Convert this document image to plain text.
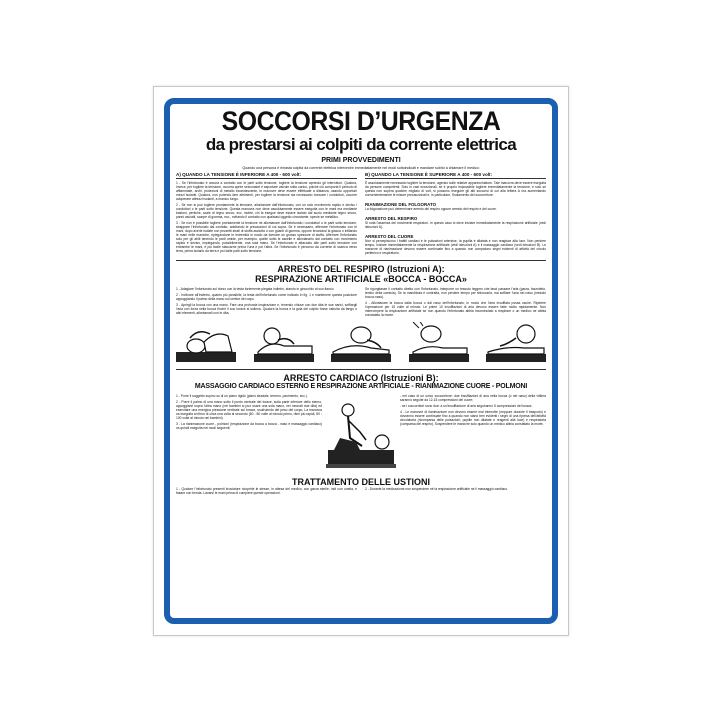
SOCCORSI D’URGENZA
da prestarsi ai colpiti da corrente elettrica
PRIMI PROVVEDIMENTI
Quando una persona è rimasta colpita da corrente elettrica intervenire immediatamente nei modi sottoindicati e mandare subito a chiamare il medico:
A) QUANDO LA TENSIONE È INFERIORE A 400 - 600 volt:
1 - Se l’infortunato è ancora a contatto con le parti sotto tensione, togliere la tensione aprendo gli interruttori. Qualora, invece, per togliere la tensione, occorra aprire sezionatori e asportare valvole sotto carico, poiché ciò comporta il pericolo di affiammate, archi, proiezioni di metallo incandescente, le manovre deve essere effettuate a distanza, usando opportuni mezzi isolanti. Qualora, non potendo fare altrimenti, per togliere la tensione sia necessario troncare i conduttori, occorre adoperare attrezzi isolanti, a manico lungo.
2 - Se non si può togliere prontamente la tensione, allontanare dall’infortunato, con un solo movimento rapido e deciso i conduttori o le parti sotto tensione. Questa manovra non deve assolutamente essere eseguita con le mani ma mediante bastoni, pertiche, scale di legno secco, ecc. inoltre, chi la esegue deve essere isolato dal suolo mediante legno secco, panni asciutti, scarpe di gomma, ecc., evitando il contatto con qualsiasi oggetto circostante, specie se metallico.
3 - Se non è possibile togliere prontamente la tensione né allontanare dall’infortunato i conduttori o le parti sotto tensione, strappare l’infortunato dal contatto, adottando le precauzioni di cui sopra. Se è necessario, afferrare l’infortunato con le mani, dopo averle isolate con pezzetti strati di stoffa asciutta o con guanti di gomma, oppure levandosi la giacca o infilando le mani nelle maniche, ripiegandone le estremità in modo da formare un grosso spessore di stoffa. Afferrare l’infortunato solo per gli abiti tenendo le parti umide, per esempio, quelle sotto le ascelle e allontanarlo dal contatto con movimento rapido e deciso, impiegando, possibilmente, una sola mano. Se l’infortunato è attaccato alle parti sotto tensione con entrambe le mani, è più facile staccarne prima l’una e poi l’altra. Se l’infortunato è percorso da corrente di scarica verso terra, prima isolarlo da terra e poi dalle parti sotto tensione.
B) QUANDO LA TENSIONE È SUPERIORE A 400 - 600 volt:
È assolutamente necessario togliere la tensione, agendo sulle relative apparecchiature. Tale manovra deve essere eseguita da persone competenti. Solo in casi eccezionali, se è proprio impossibile togliere immediatamente la tensione, e solo se questa non supera qualche migliaio di volt, si possono eseguire gli atti soccorsi di cui alla lettera A ma aumentando convenientemente le misure precauzionali e, in particolare, l’isolamento del soccorritore.
RIANIMAZIONE DEL FOLGORATO
La folgorazione può determinare arresto del respiro oppure arresto del respiro e del cuore.
ARRESTO DEL RESPIRO
Si nota l’assenza dei movimenti respiratori. In questo caso si deve iniziare immediatamente la respirazione artificiale (vedi istruzioni A).
ARRESTO DEL CUORE
Non si percepiscono i battiti cardiaci e le pulsazioni arteriose, la pupilla è dilatata e non reagisce alla luce. Non perdere tempo, iniziare immediatamente la respirazione artificiale (vedi istruzioni A) e il massaggio cardiaco (vedi istruzioni B). Le manovre di rianimazione devono essere continuate fino a quando non compaiono segni evidenti di attività del circolo periferico e respiratorio.
ARRESTO DEL RESPIRO (Istruzioni A):
RESPIRAZIONE ARTIFICIALE «BOCCA - BOCCA»
1 - Adagiare l’infortunato sul dorso con la testa fortemente piegata indietro, stando in ginocchio al suo fianco.
2 - Inclinare all’indietro, quanto più possibile, la testa dell’infortunato come indicato in fig. 1 e mantenere questa posizione appoggiando il palmo della mano sul vertice del capo.
3 - Aprirgli la bocca con una mano. Fare una profonda inspirazione e, tenendo chiuse con due dita le sue narici, soffiargli l’aria con forza nella bocca finché il suo torace si solleva. Qualora la bocca e la gola del colpito fosse ostruita da fango o altri elementi, allontanarli con le dita.
Se rigurgitasse il contatto diretto con l’infortunato, interporre un tessuto leggero che lasci passare l’aria (garza, fazzoletto, lembo della camicia). Se la mandibola è contratta, non perdere tempo per sbloccarla, ma soffiare l’aria nel naso (metodo bocca-naso).
4 - Allontanare la bocca dalla bocca o dal naso dell’infortunato, in modo che l’aria insufflata possa uscire. Ripetere l’operazione per 15 volte al minuto. Le prime 10 insufflazioni di aria devono essere fatte molto rapidamente. Non interrompere la respirazione artificiale se non quando l’infortunato abbia incominciato a respirare o un medico ne abbia constatato la morte.
ARRESTO CARDIACO (Istruzioni B):
MASSAGGIO CARDIACO ESTERNO E RESPIRAZIONE ARTIFICIALE - RIANIMAZIONE CUORE - POLMONI
1 - Porre il soggetto supino su di un piano rigido (piano stradale, terreno, pavimento, ecc.).
2 - Porre il palmo di una mano sotto il punto centrale del torace, sulla parte inferiore dello sterno, appoggiarvi sopra l’altra mano (nei bambini si può usare una sola mano, nei neonati due dita) ed esercitare una energica pressione verticale sul torace, usufruendo del peso del corpo. La manovra va eseguita al ritmo di circa una volta al secondo (60 - 80 volte al minuto primo, ritmi più rapidi, 80 - 100 volte al minuto nei bambini).
3 - La rianimazione cuore - polmoni (respirazione da bocca a bocca - naso e massaggio cardiaco) va quindi eseguita nei modi seguenti:
- nel caso di un unico soccorritore: due insufflazioni di aria nella bocca (o nel naso) della vittima saranno seguite da 12-15 compressioni del cuore;
- se i soccorritori sono due: a un’insufflazione di aria seguiranno 5 compressioni del torace.
4 - Le manovre di rianimazione non devono essere mai interrotte (neppure durante il trasporto) e dovranno essere continuate fino a quando non siano ben evidenti i segni di una ripresa dell’attività circolatoria (ricomparsa delle pulsazioni; pupille non dilatate e reagenti alla luce) e respiratoria (comparsa del respiro). Sospendere le manovre solo quando un medico abbia constatato la morte.
TRATTAMENTO DELLE USTIONI
1 - Qualore l’infortunato presenti bruciature ricoprirle le stesse, in attesa del medico, con garza sterile, indi con ovatta, e fasare con benda. Lavarsi le mani prima di compiere queste operazioni.
2 - Durante la medicazione non sospendere né la respirazione artificiale né il massaggio cardiaco.
